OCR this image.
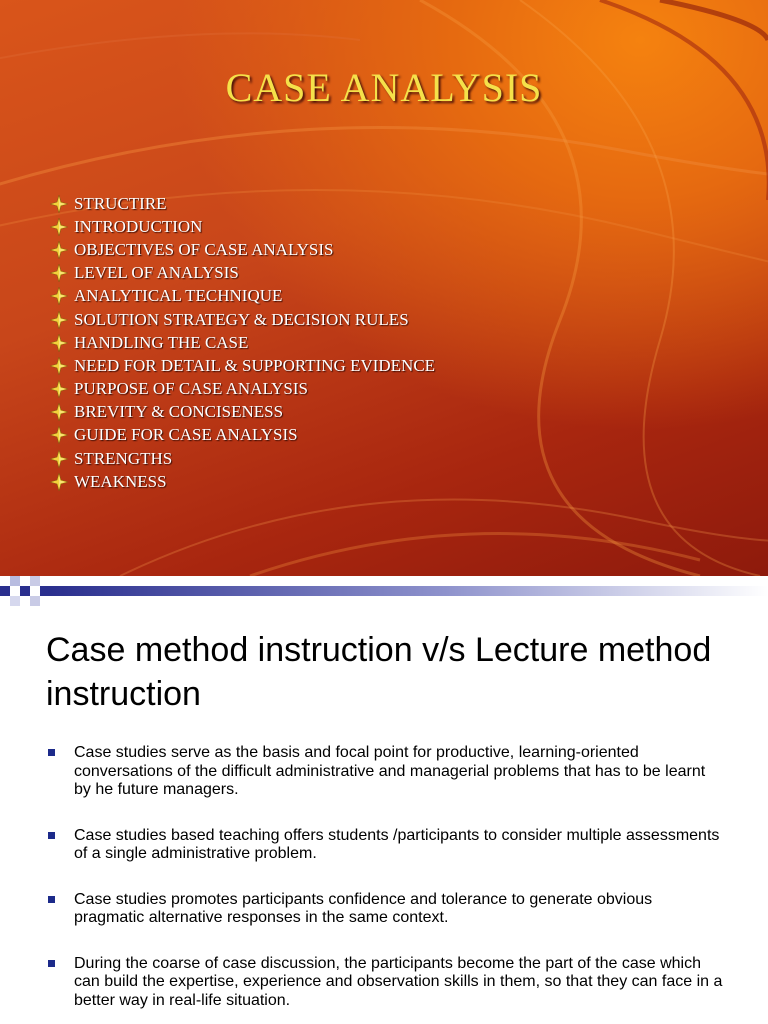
CASE ANALYSIS
STRUCTIRE
INTRODUCTION
OBJECTIVES OF CASE ANALYSIS
LEVEL OF ANALYSIS
ANALYTICAL TECHNIQUE
SOLUTION STRATEGY & DECISION RULES
HANDLING THE CASE
NEED FOR DETAIL & SUPPORTING EVIDENCE
PURPOSE OF CASE ANALYSIS
BREVITY & CONCISENESS
GUIDE FOR CASE ANALYSIS
STRENGTHS
WEAKNESS
Case method instruction v/s Lecture method instruction
Case studies serve as the basis and focal point for productive, learning-oriented conversations of the difficult administrative and managerial problems that has to be learnt by he future managers.
Case studies based teaching offers students /participants to consider multiple assessments of a single administrative problem.
Case studies promotes participants confidence and tolerance to generate obvious pragmatic alternative responses in the same context.
During the coarse of case discussion, the participants become the part of the case which can build the expertise, experience and observation skills in them, so that they can face in a better way in real-life situation.
